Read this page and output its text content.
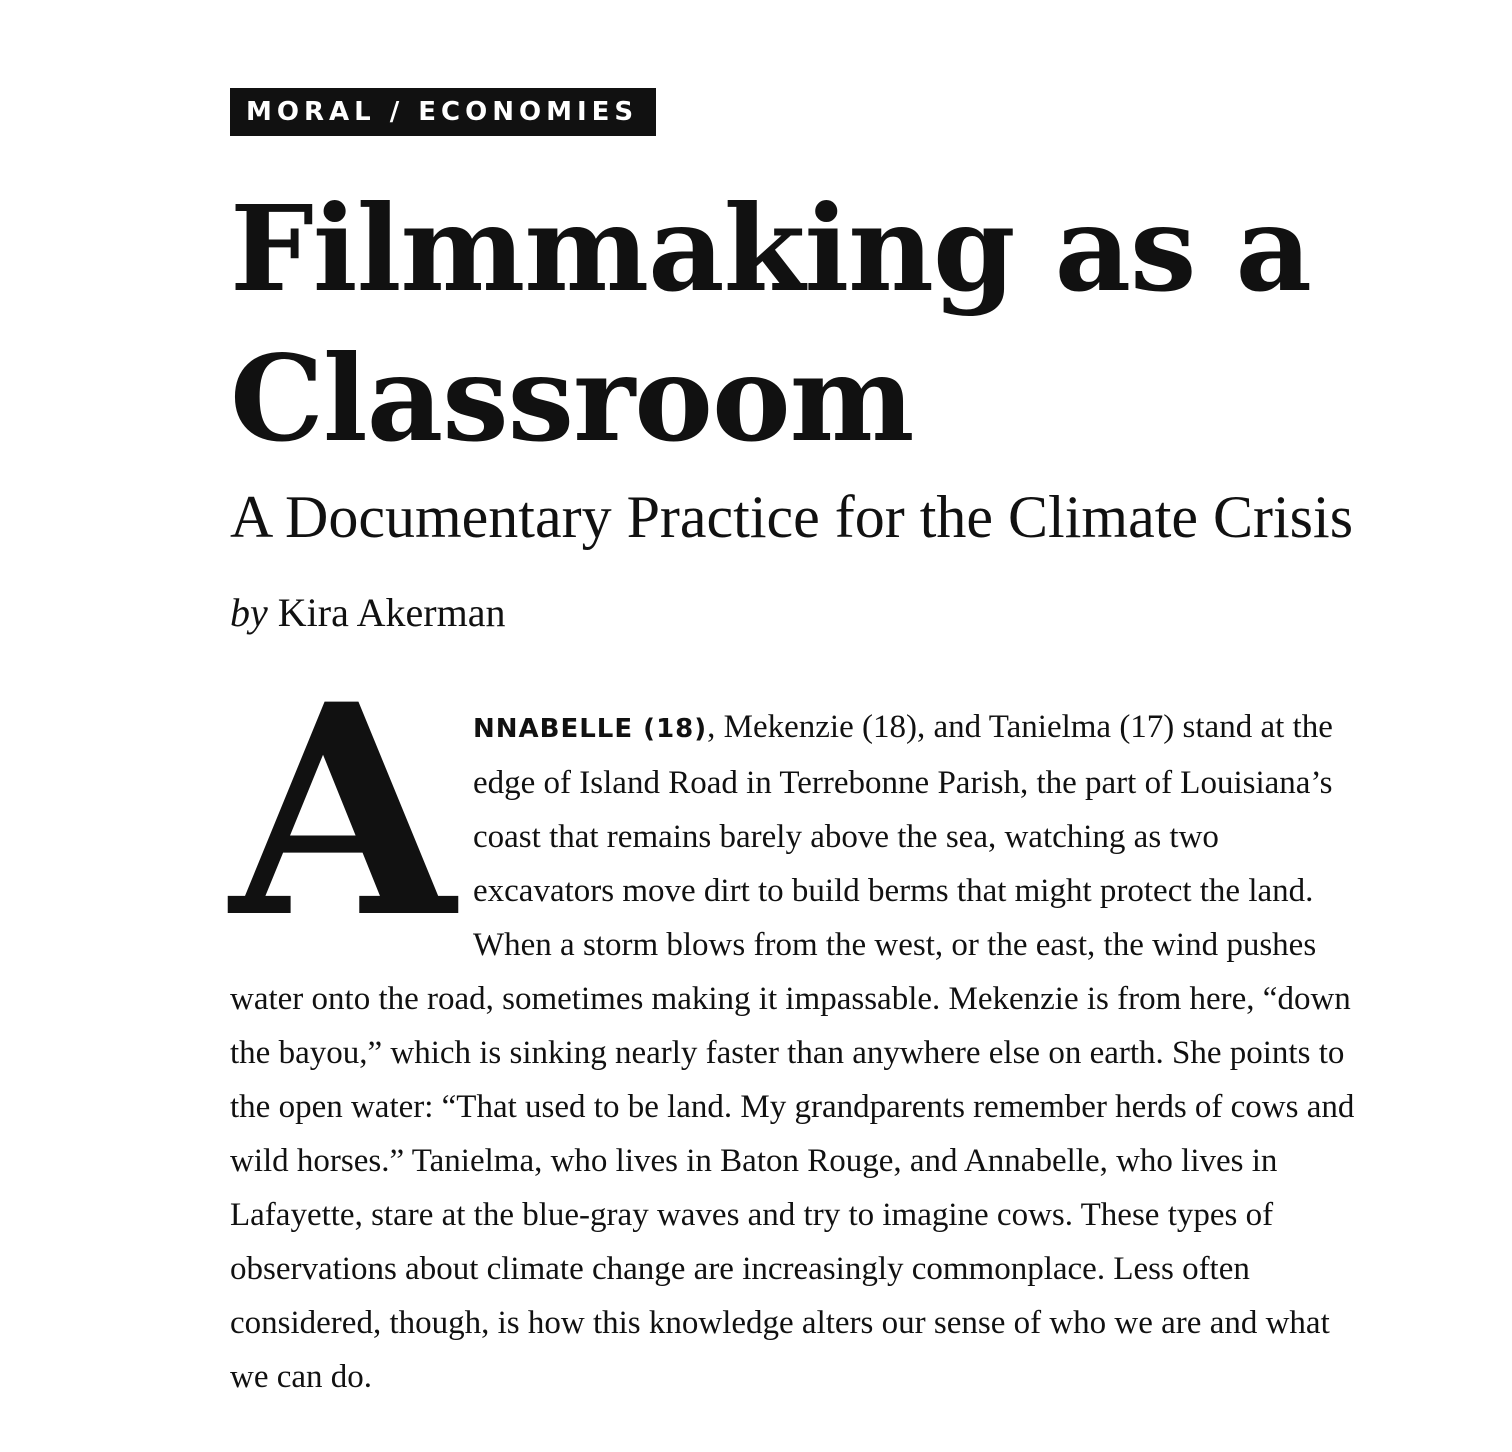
MORAL / ECONOMIES
Filmmaking as a Classroom
A Documentary Practice for the Climate Crisis
by Kira Akerman

ANNABELLE (18), Mekenzie (18), and Tanielma (17) stand at the edge of Island Road in Terrebonne Parish, the part of Louisiana’s coast that remains barely above the sea, watching as two excavators move dirt to build berms that might protect the land. When a storm blows from the west, or the east, the wind pushes water onto the road, sometimes making it impassable. Mekenzie is from here, “down the bayou,” which is sinking nearly faster than anywhere else on earth. She points to the open water: “That used to be land. My grandparents remember herds of cows and wild horses.” Tanielma, who lives in Baton Rouge, and Annabelle, who lives in Lafayette, stare at the blue-gray waves and try to imagine cows. These types of observations about climate change are increasingly commonplace. Less often considered, though, is how this knowledge alters our sense of who we are and what we can do.
